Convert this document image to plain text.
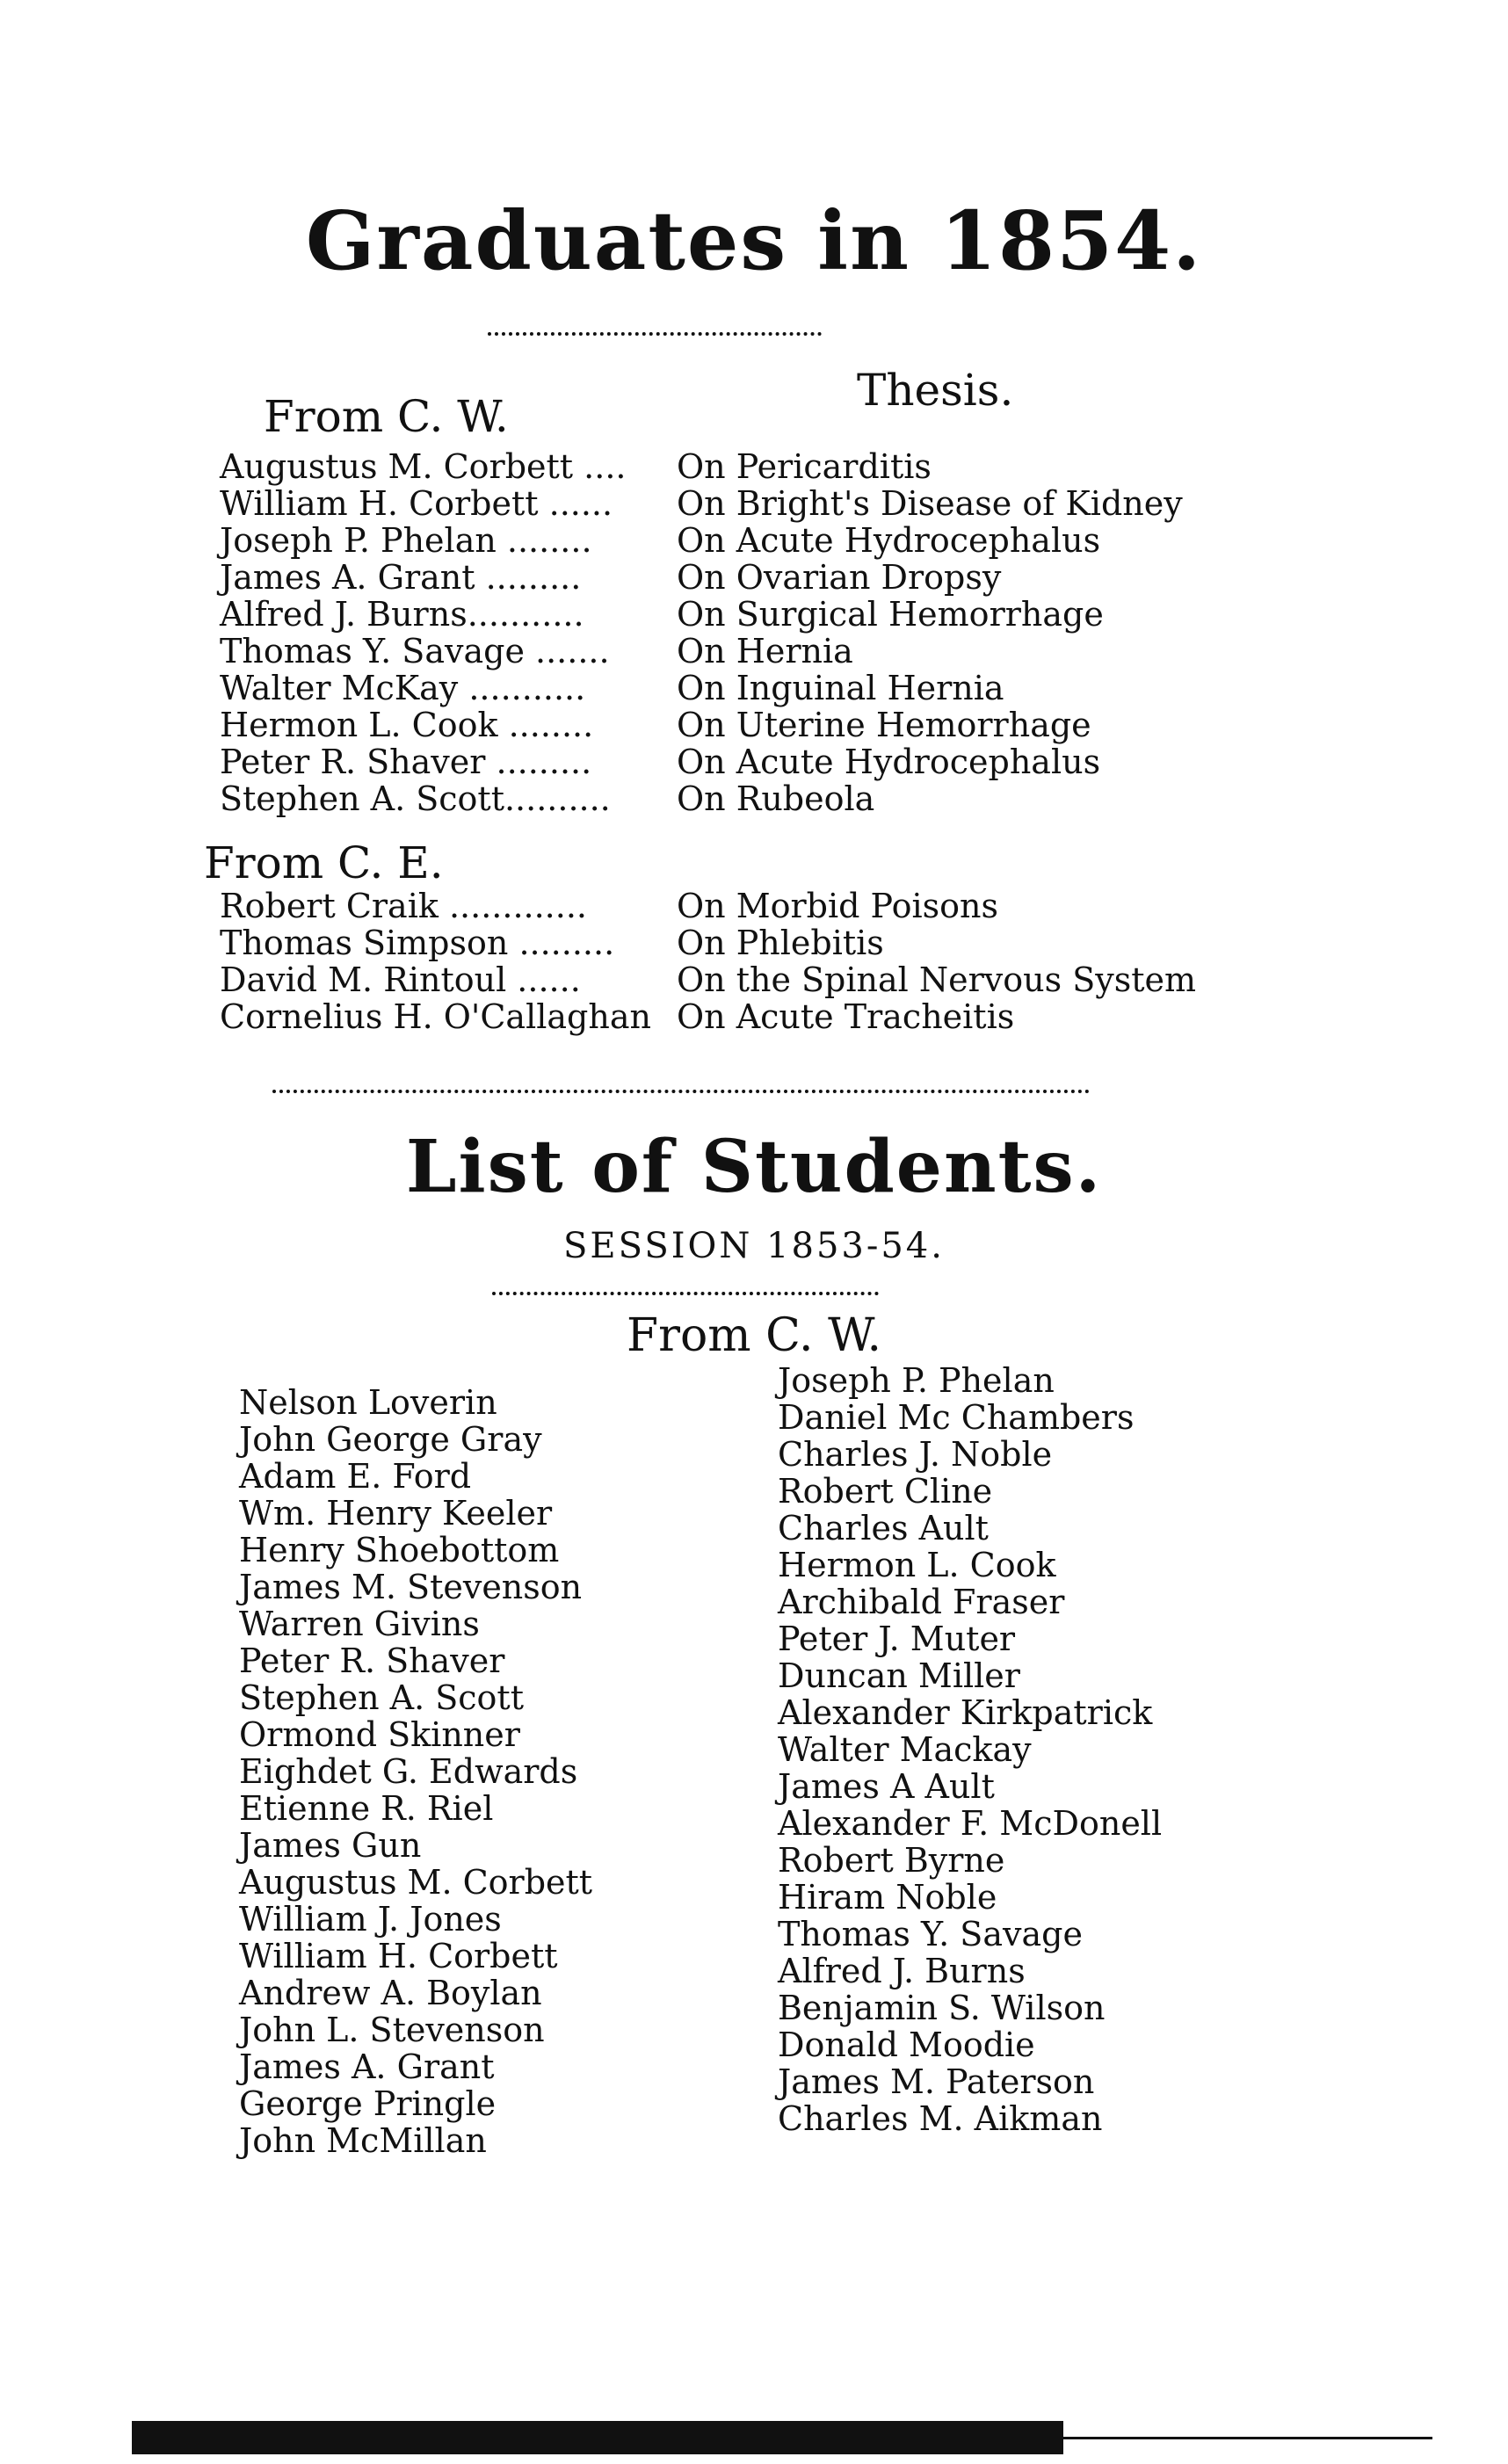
Graduates in 1854.
From C. W.
Thesis.
Augustus M. Corbett .... On Pericarditis
William H. Corbett ...... On Bright's Disease of Kidney
Joseph P. Phelan ........	On Acute Hydrocephalus
James A. Grant .........	On Ovarian Dropsy
Alfred J. Burns...........	On Surgical Hemorrhage
Thomas Y. Savage ....... On Hernia
Walter McKay ...........	On Inguinal Hernia
Hermon L. Cook ........ On Uterine Hemorrhage
Peter R. Shaver .........	On Acute Hydrocephalus
Stephen A. Scott.......... On Rubeola
From C. E.
Robert Craik .............	On Morbid Poisons
Thomas Simpson ......... On Phlebitis
David M. Rintoul ......	On the Spinal Nervous System
Cornelius H. O'Callaghan On Acute Tracheitis
List of Students.
SESSION 1853-54.
From C. W.
Nelson Loverin
John George Gray
Adam E. Ford
Wm. Henry Keeler
Henry Shoebottom
James M. Stevenson
Warren Givins
Peter R. Shaver
Stephen A. Scott
Ormond Skinner
Eighdet G. Edwards
Etienne R. Riel
James Gun
Augustus M. Corbett
William J. Jones
William H. Corbett
Andrew A. Boylan
John L. Stevenson
James A. Grant
George Pringle
John McMillan
Joseph P. Phelan
Daniel Mc Chambers
Charles J. Noble
Robert Cline
Charles Ault
Hermon L. Cook
Archibald Fraser
Peter J. Muter
Duncan Miller
Alexander Kirkpatrick
Walter Mackay
James A Ault
Alexander F. McDonell
Robert Byrne
Hiram Noble
Thomas Y. Savage
Alfred J. Burns
Benjamin S. Wilson
Donald Moodie
James M. Paterson
Charles M. Aikman
